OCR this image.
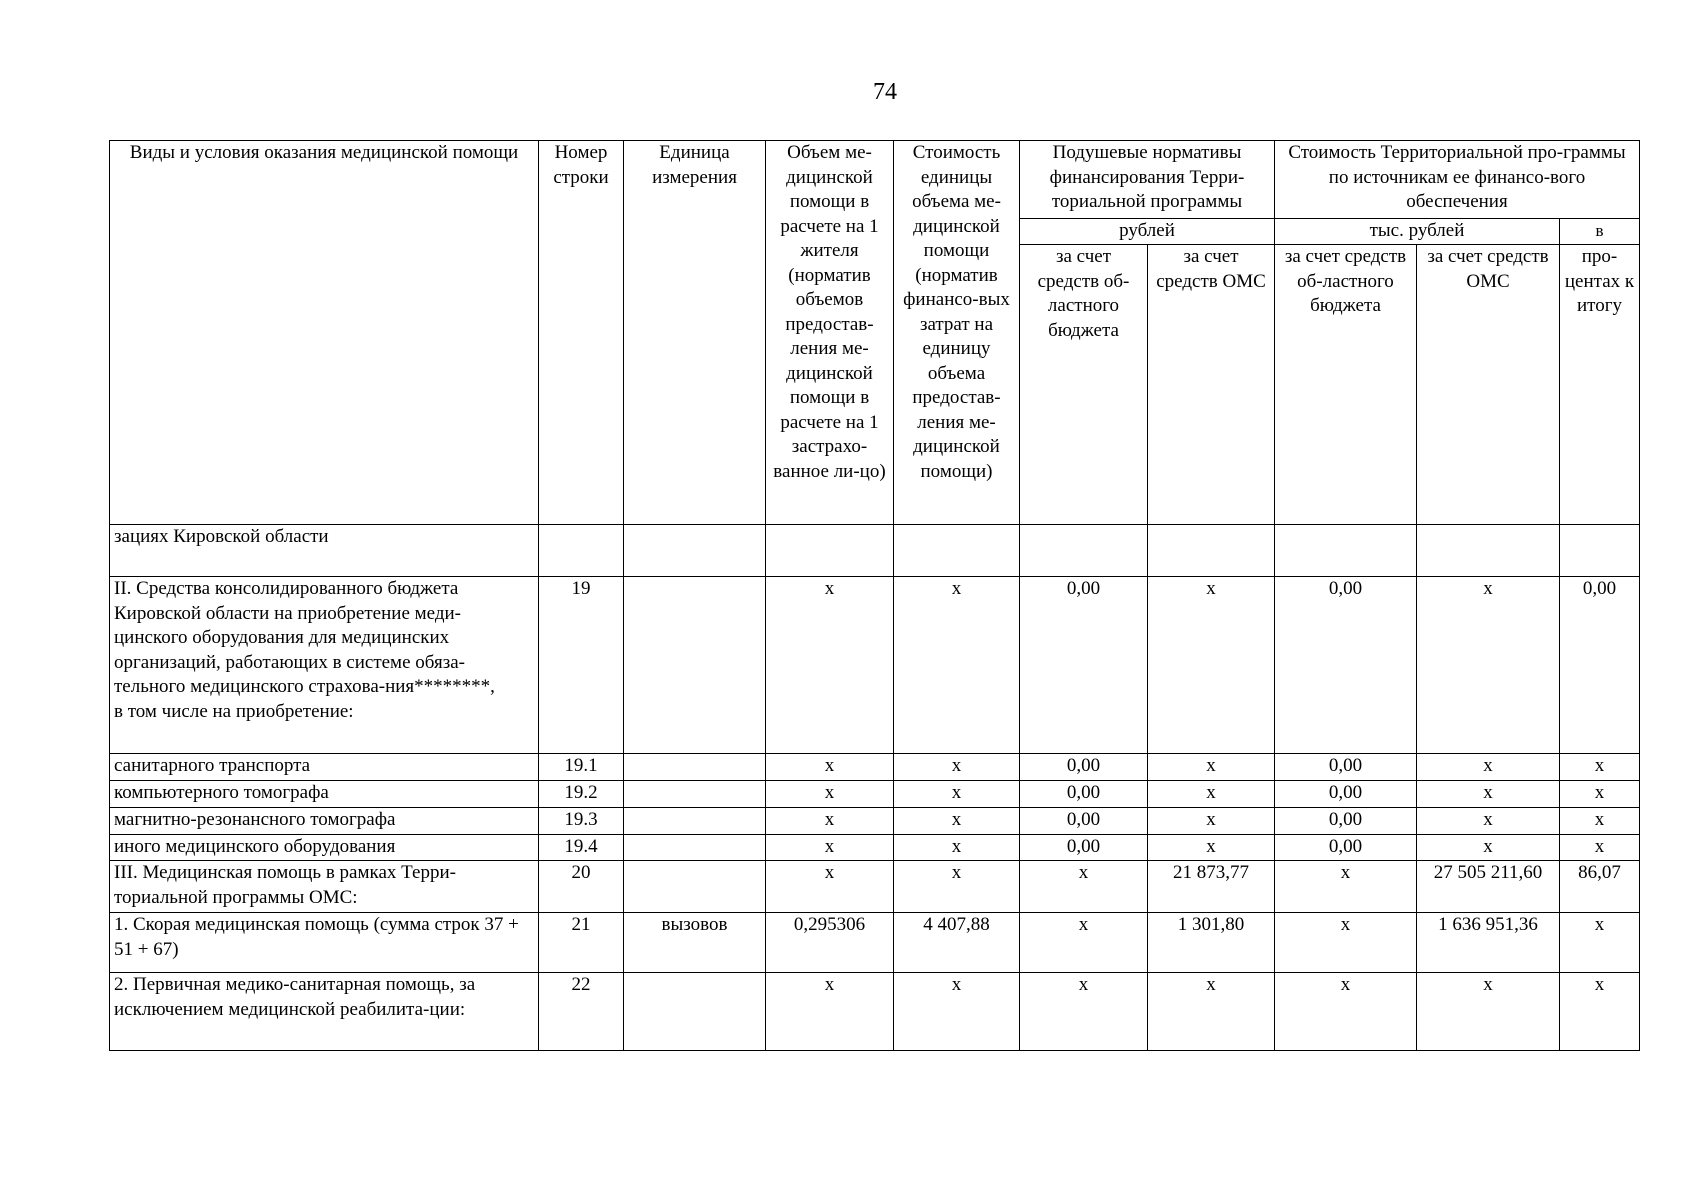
74
Виды и условия оказания медицинской помощи	Номер строки	Единица измерения	Объем ме-дицинской помощи в расчете на 1 жителя (норматив объемов предостав-ления ме-дицинской помощи в расчете на 1 застрахо-ванное ли-цо)	Стоимость единицы объема ме-дицинской помощи (норматив финансо-вых затрат на единицу объема предостав-ления ме-дицинской помощи)	Подушевые нормативы финансирования Терри-ториальной программы		Стоимость Территориальной про-граммы по источникам ее финансо-вого обеспечения		
					рублей		тыс. рублей		в
					за счет средств об-ластного бюджета	за счет средств ОМС	за счет средств об-ластного бюджета	за счет средств ОМС	про-центах к итогу
зациях Кировской области									

II. Средства консолидированного бюджета Кировской области на приобретение меди-цинского оборудования для медицинских организаций, работающих в системе обяза-тельного медицинского страхова-ния********,
в том числе на приобретение:	19		х	х	0,00	х	0,00	х	0,00
санитарного транспорта	19.1		х	х	0,00	х	0,00	х	х
компьютерного томографа	19.2		х	х	0,00	х	0,00	х	х
магнитно-резонансного томографа	19.3		х	х	0,00	х	0,00	х	х
иного медицинского оборудования	19.4		х	х	0,00	х	0,00	х	х
III. Медицинская помощь в рамках Терри-ториальной программы ОМС:	20		х	х	х	21 873,77	х	27 505 211,60	86,07
1. Скорая медицинская помощь (сумма строк 37 + 51 + 67)	21	вызовов	0,295306	4 407,88	х	1 301,80	х	1 636 951,36	х
2. Первичная медико-санитарная помощь, за исключением медицинской реабилита-ции:	22		х	х	х	х	х	х	х
